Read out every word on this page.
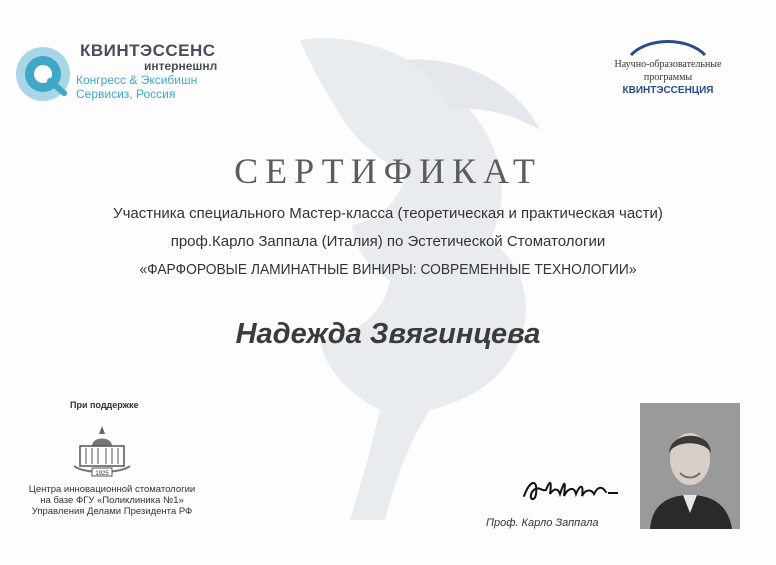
КВИНТЭССЕНС
интернешнл
Конгресс & Эксибишн
Сервисиз, Россия
Научно-образовательные
программы
КВИНТЭССЕНЦИЯ
СЕРТИФИКАТ
Участника специального Мастер-класса (теоретическая и практическая части)
проф.Карло Заппала (Италия) по Эстетической Стоматологии
«ФАРФОРОВЫЕ ЛАМИНАТНЫЕ ВИНИРЫ: СОВРЕМЕННЫЕ ТЕХНОЛОГИИ»
Надежда Звягинцева
При поддержке
1925
Центра инновационной стоматологии
на базе ФГУ «Поликлиника №1»
Управления Делами Президента РФ
Проф. Карло Заппала
